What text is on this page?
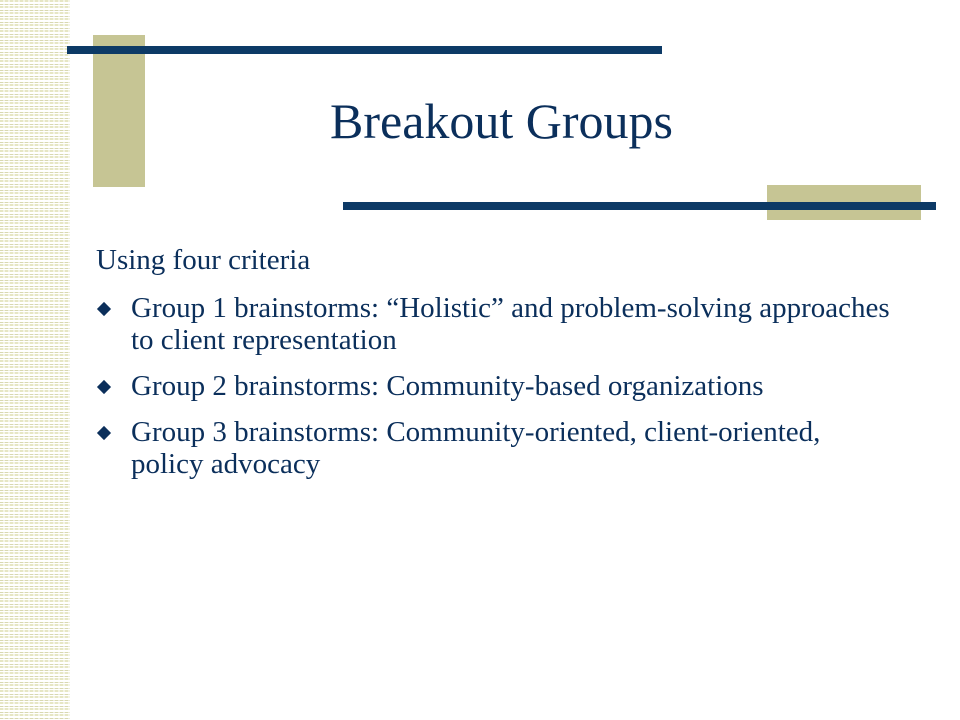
Breakout Groups

Using four criteria

Group 1 brainstorms: “Holistic” and problem-solving approaches to client representation
Group 2 brainstorms: Community-based organizations
Group 3 brainstorms: Community-oriented, client-oriented, policy advocacy
